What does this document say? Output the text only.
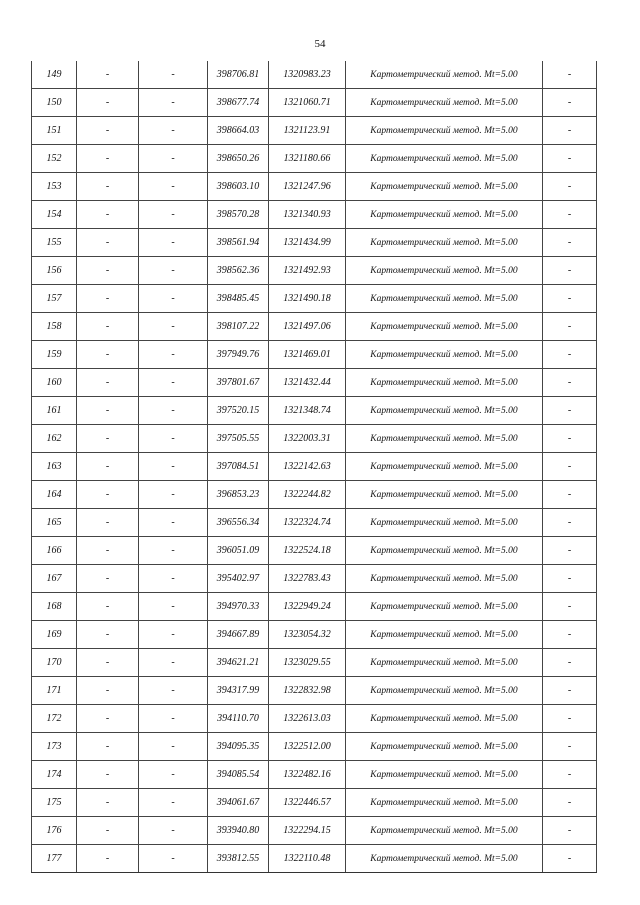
54
149	-	-	398706.81	1320983.23	Картометрический метод. Mt=5.00	-
150	-	-	398677.74	1321060.71	Картометрический метод. Mt=5.00	-
151	-	-	398664.03	1321123.91	Картометрический метод. Mt=5.00	-
152	-	-	398650.26	1321180.66	Картометрический метод. Mt=5.00	-
153	-	-	398603.10	1321247.96	Картометрический метод. Mt=5.00	-
154	-	-	398570.28	1321340.93	Картометрический метод. Mt=5.00	-
155	-	-	398561.94	1321434.99	Картометрический метод. Mt=5.00	-
156	-	-	398562.36	1321492.93	Картометрический метод. Mt=5.00	-
157	-	-	398485.45	1321490.18	Картометрический метод. Mt=5.00	-
158	-	-	398107.22	1321497.06	Картометрический метод. Mt=5.00	-
159	-	-	397949.76	1321469.01	Картометрический метод. Mt=5.00	-
160	-	-	397801.67	1321432.44	Картометрический метод. Mt=5.00	-
161	-	-	397520.15	1321348.74	Картометрический метод. Mt=5.00	-
162	-	-	397505.55	1322003.31	Картометрический метод. Mt=5.00	-
163	-	-	397084.51	1322142.63	Картометрический метод. Mt=5.00	-
164	-	-	396853.23	1322244.82	Картометрический метод. Mt=5.00	-
165	-	-	396556.34	1322324.74	Картометрический метод. Mt=5.00	-
166	-	-	396051.09	1322524.18	Картометрический метод. Mt=5.00	-
167	-	-	395402.97	1322783.43	Картометрический метод. Mt=5.00	-
168	-	-	394970.33	1322949.24	Картометрический метод. Mt=5.00	-
169	-	-	394667.89	1323054.32	Картометрический метод. Mt=5.00	-
170	-	-	394621.21	1323029.55	Картометрический метод. Mt=5.00	-
171	-	-	394317.99	1322832.98	Картометрический метод. Mt=5.00	-
172	-	-	394110.70	1322613.03	Картометрический метод. Mt=5.00	-
173	-	-	394095.35	1322512.00	Картометрический метод. Mt=5.00	-
174	-	-	394085.54	1322482.16	Картометрический метод. Mt=5.00	-
175	-	-	394061.67	1322446.57	Картометрический метод. Mt=5.00	-
176	-	-	393940.80	1322294.15	Картометрический метод. Mt=5.00	-
177	-	-	393812.55	1322110.48	Картометрический метод. Mt=5.00	-
